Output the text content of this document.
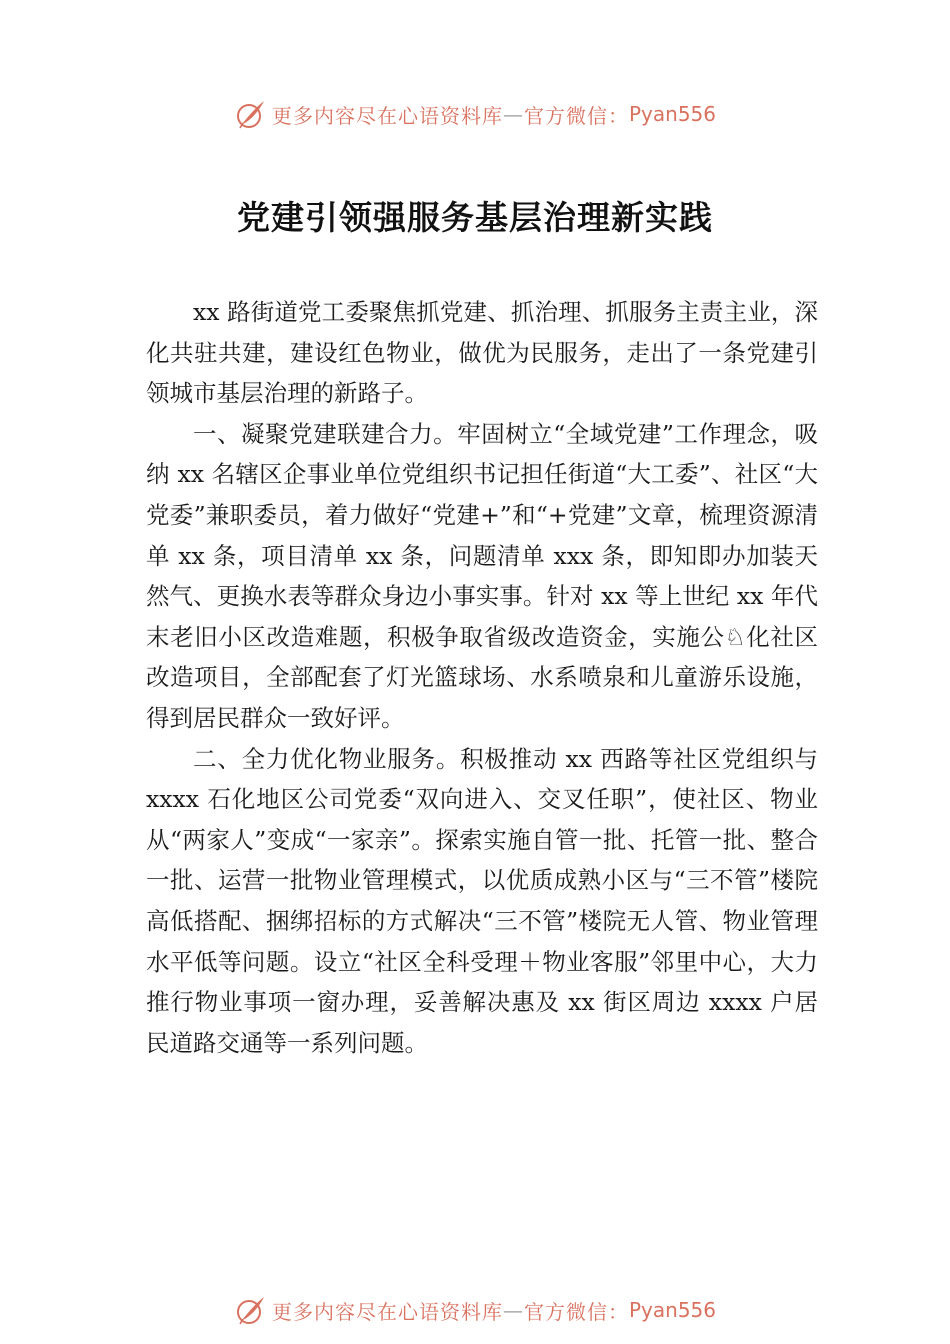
更多内容尽在心语资料库 — 官方微信： Pyan556
党建引领强服务基层治理新实践

xx 路街道党工委聚焦抓党建、抓治理、抓服务主责主业，深化共驻共建，建设红色物业，做优为民服务，走出了一条党建引领城市基层治理的新路子。

一、凝聚党建联建合力。牢固树立“全域党建”工作理念，吸纳 xx 名辖区企事业单位党组织书记担任街道“大工委”、社区“大党委”兼职委员，着力做好“党建+”和“+党建”文章，梳理资源清单 xx 条，项目清单 xx 条，问题清单 xxx 条，即知即办加装天然气、更换水表等群众身边小事实事。针对 xx 等上世纪 xx 年代末老旧小区改造难题，积极争取省级改造资金，实施公♘化社区改造项目，全部配套了灯光篮球场、水系喷泉和儿童游乐设施，得到居民群众一致好评。

二、全力优化物业服务。积极推动 xx 西路等社区党组织与 xxxx 石化地区公司党委“双向进入、交叉任职”，使社区、物业从“两家人”变成“一家亲”。探索实施自管一批、托管一批、整合一批、运营一批物业管理模式，以优质成熟小区与“三不管”楼院高低搭配、捆绑招标的方式解决“三不管”楼院无人管、物业管理水平低等问题。设立“社区全科受理＋物业客服”邻里中心，大力推行物业事项一窗办理，妥善解决惠及 xx 街区周边 xxxx 户居民道路交通等一系列问题。

更多内容尽在心语资料库 — 官方微信： Pyan556
